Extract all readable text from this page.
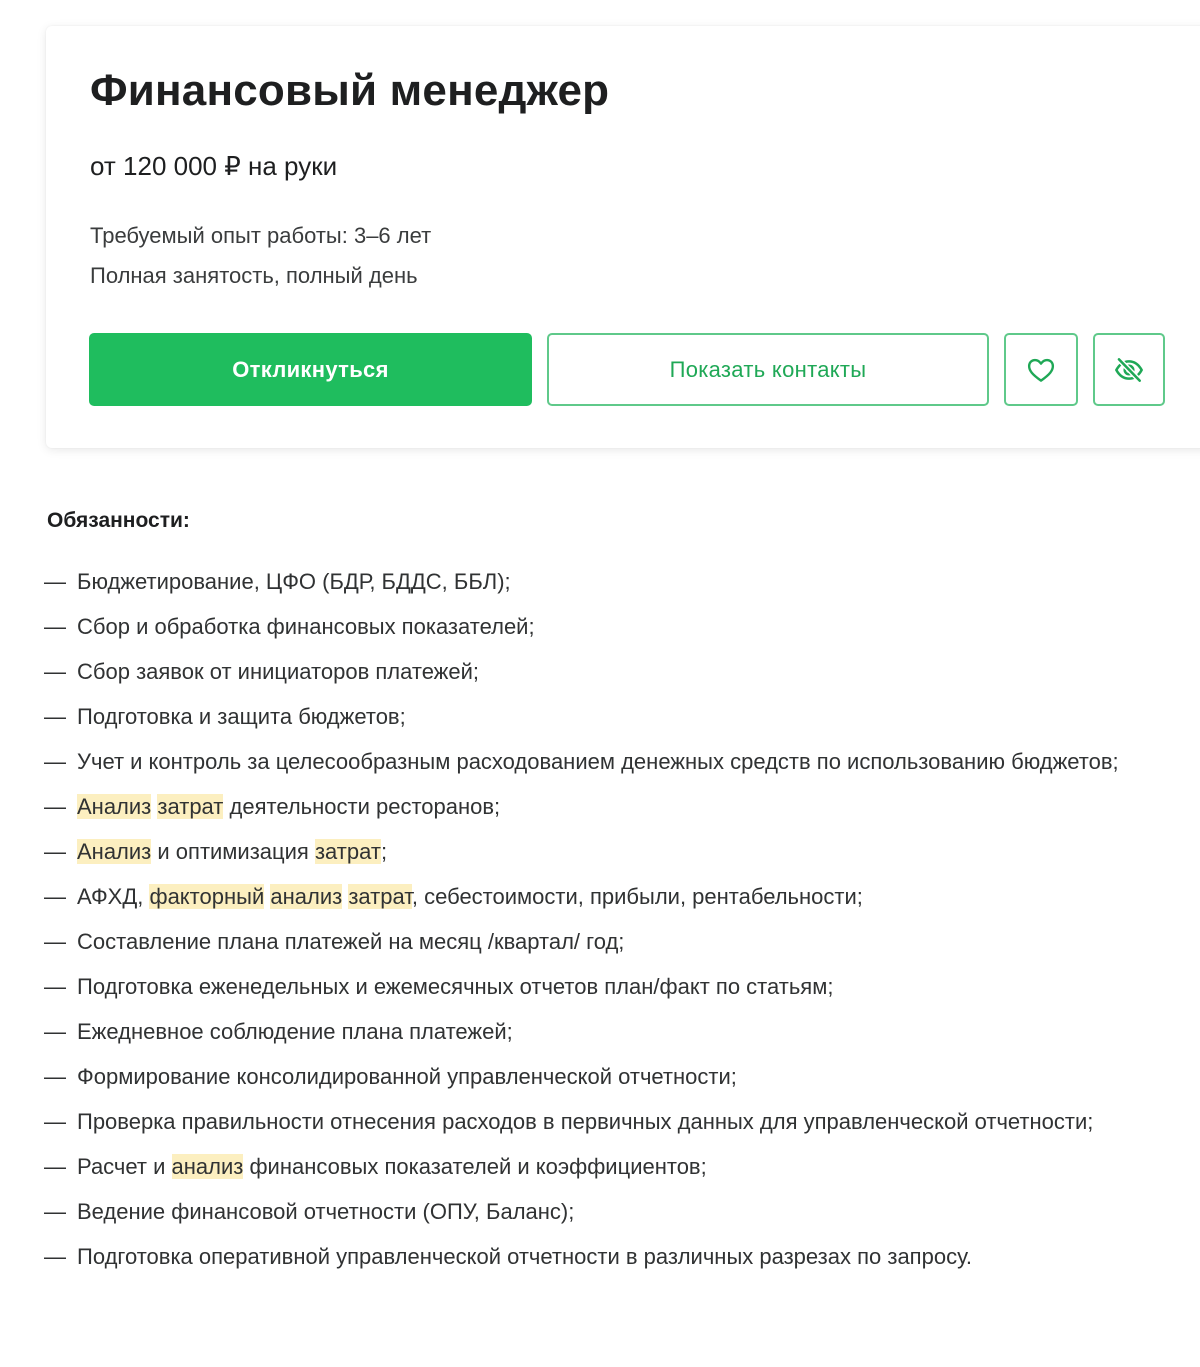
Финансовый менеджер
от 120 000 ₽ на руки
Требуемый опыт работы: 3–6 лет
Полная занятость, полный день
Откликнуться	Показать контакты
Обязанности:
— Бюджетирование, ЦФО (БДР, БДДС, ББЛ);
— Сбор и обработка финансовых показателей;
— Сбор заявок от инициаторов платежей;
— Подготовка и защита бюджетов;
— Учет и контроль за целесообразным расходованием денежных средств по использованию бюджетов;
— Анализ затрат деятельности ресторанов;
— Анализ и оптимизация затрат;
— АФХД, факторный анализ затрат, себестоимости, прибыли, рентабельности;
— Составление плана платежей на месяц /квартал/ год;
— Подготовка еженедельных и ежемесячных отчетов план/факт по статьям;
— Ежедневное соблюдение плана платежей;
— Формирование консолидированной управленческой отчетности;
— Проверка правильности отнесения расходов в первичных данных для управленческой отчетности;
— Расчет и анализ финансовых показателей и коэффициентов;
— Ведение финансовой отчетности (ОПУ, Баланс);
— Подготовка оперативной управленческой отчетности в различных разрезах по запросу.
